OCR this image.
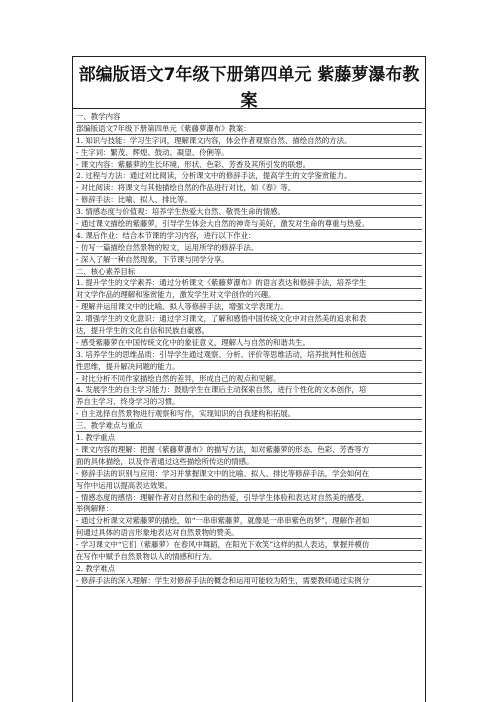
部编版语文7年级下册第四单元 紫藤萝瀑布教案

一、教学内容

部编版语文7年级下册第四单元《紫藤萝瀑布》教案：

1. 知识与技能：学习生字词，理解课文内容，体会作者观察自然、描绘自然的方法。

- 生字词：繁茂、辉煌、鼓动、凝望、伶俐等。

- 课文内容：紫藤萝的生长环境、形状、色彩、芳香及其所引发的联想。

2. 过程与方法：通过对比阅读，分析课文中的修辞手法，提高学生的文学鉴赏能力。

- 对比阅读：将课文与其他描绘自然的作品进行对比，如《春》等。

- 修辞手法：比喻、拟人、排比等。

3. 情感态度与价值观：培养学生热爱大自然、敬畏生命的情感。

- 通过课文描绘的紫藤萝，引导学生体会大自然的神奇与美好，激发对生命的尊重与热爱。

4. 课后作业：结合本节课的学习内容，进行以下作业：

- 仿写一篇描绘自然景物的短文，运用所学的修辞手法。

- 深入了解一种自然现象，下节课与同学分享。

二、核心素养目标

1. 提升学生的文学素养：通过分析课文《紫藤萝瀑布》的语言表达和修辞手法，培养学生

对文学作品的理解和鉴赏能力，激发学生对文学创作的兴趣。

- 理解并运用课文中的比喻、拟人等修辞手法，增强文学表现力。

2. 增强学生的文化意识：通过学习课文，了解和感悟中国传统文化中对自然美的追求和表

达，提升学生的文化自信和民族自豪感。

- 感受紫藤萝在中国传统文化中的象征意义，理解人与自然的和谐共生。

3. 培养学生的思维品质：引导学生通过观察、分析、评价等思维活动，培养批判性和创造

性思维，提升解决问题的能力。

- 对比分析不同作家描绘自然的差异，形成自己的观点和见解。

4. 发展学生的自主学习能力：鼓励学生在课后主动探索自然，进行个性化的文本创作，培

养自主学习、终身学习的习惯。

- 自主选择自然景物进行观察和写作，实现知识的自我建构和拓展。

三、教学难点与重点

1. 教学重点

- 课文内容的理解：把握《紫藤萝瀑布》的描写方法，如对紫藤萝的形态、色彩、芳香等方

面的具体描绘，以及作者通过这些描绘所传达的情感。

- 修辞手法的识别与应用：学习并掌握课文中的比喻、拟人、排比等修辞手法，学会如何在

写作中运用以提高表达效果。

- 情感态度的感悟：理解作者对自然和生命的热爱，引导学生体验和表达对自然美的感受。

举例解释：

- 通过分析课文对紫藤萝的描绘，如“一串串紫藤萝，就像是一串串紫色的梦”，理解作者如

何通过具体的语言形象地表达对自然景物的赞美。

- 学习课文中“它们（紫藤萝）在春风中舞蹈，在阳光下欢笑”这样的拟人表达，掌握并模仿

在写作中赋予自然景物以人的情感和行为。

2. 教学难点

- 修辞手法的深入理解：学生对修辞手法的概念和运用可能较为陌生，需要教师通过实例分
